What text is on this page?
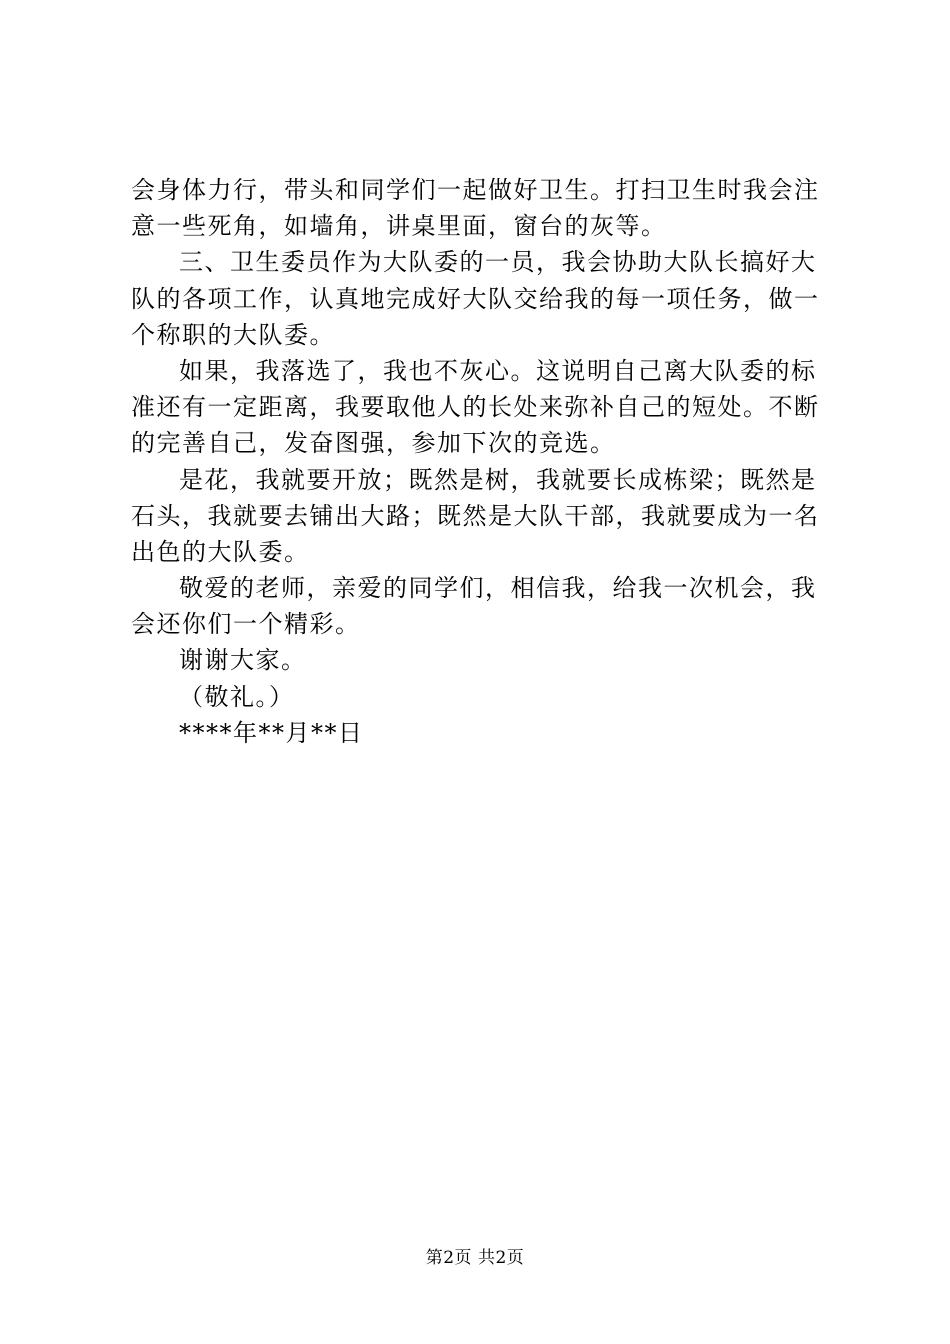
会身体力行，带头和同学们一起做好卫生。打扫卫生时我会注
意一些死角，如墙角，讲桌里面，窗台的灰等。
三、卫生委员作为大队委的一员，我会协助大队长搞好大
队的各项工作，认真地完成好大队交给我的每一项任务，做一
个称职的大队委。
如果，我落选了，我也不灰心。这说明自己离大队委的标
准还有一定距离，我要取他人的长处来弥补自己的短处。不断
的完善自己，发奋图强，参加下次的竞选。
是花，我就要开放；既然是树，我就要长成栋梁；既然是
石头，我就要去铺出大路；既然是大队干部，我就要成为一名
出色的大队委。
敬爱的老师，亲爱的同学们，相信我，给我一次机会，我
会还你们一个精彩。
谢谢大家。
（敬礼。）
****年**月**日
第2页 共2页
